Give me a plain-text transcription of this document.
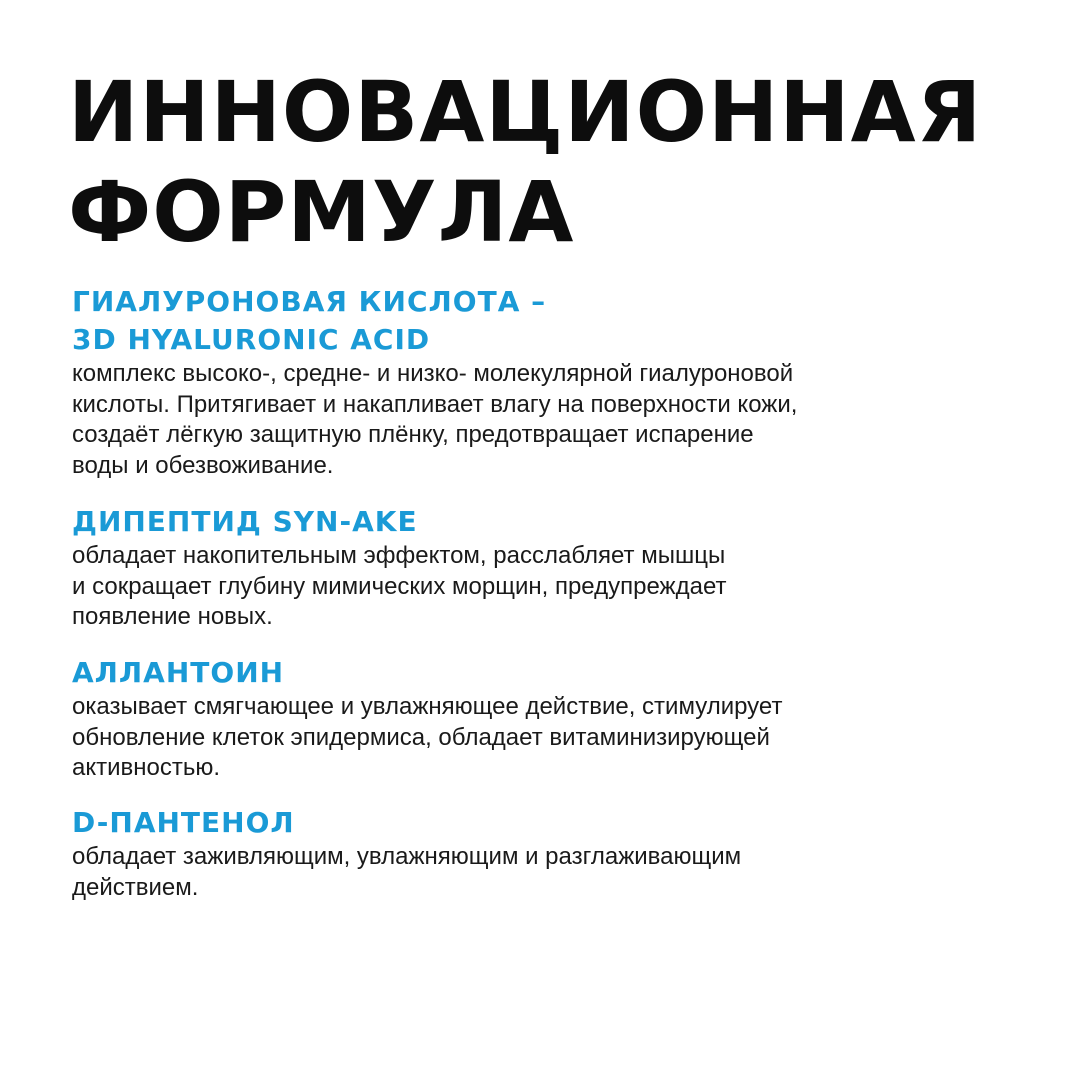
ИННОВАЦИОННАЯ
ФОРМУЛА
ГИАЛУРОНОВАЯ КИСЛОТА –
3D HYALURONIC ACID

комплекс высоко-, средне- и низко- молекулярной гиалуроновой
кислоты. Притягивает и накапливает влагу на поверхности кожи,
создаёт лёгкую защитную плёнку, предотвращает испарение
воды и обезвоживание.

ДИПЕПТИД SYN-AKE

обладает накопительным эффектом, расслабляет мышцы
и сокращает глубину мимических морщин, предупреждает
появление новых.

АЛЛАНТОИН

оказывает смягчающее и увлажняющее действие, стимулирует
обновление клеток эпидермиса, обладает витаминизирующей
активностью.

D-ПАНТЕНОЛ

обладает заживляющим, увлажняющим и разглаживающим
действием.
